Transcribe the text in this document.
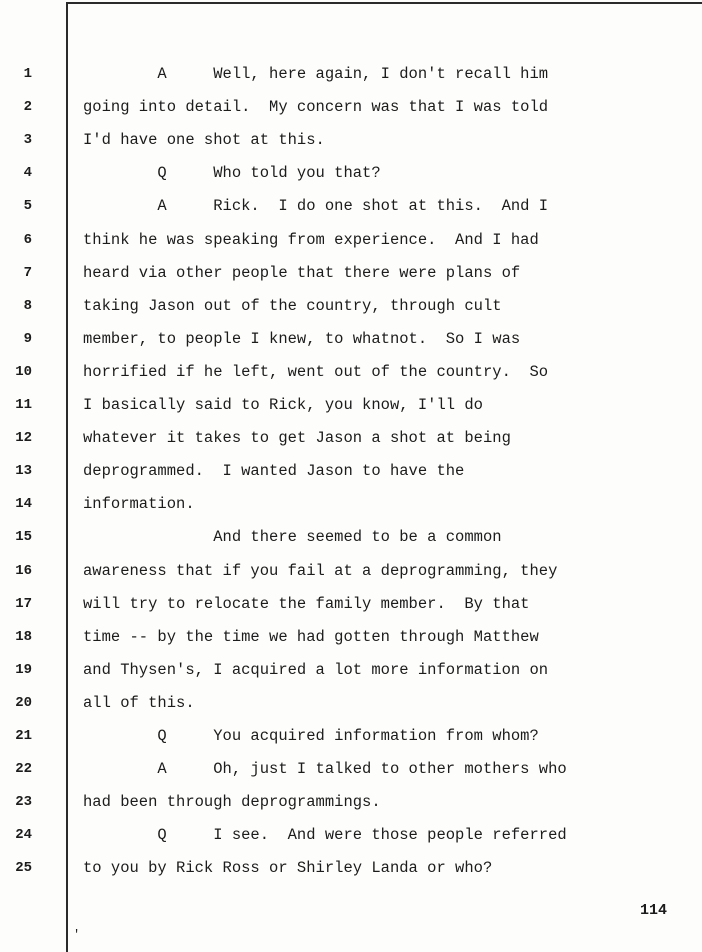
1	A     Well, here again, I don't recall him
2	going into detail.  My concern was that I was told
3	I'd have one shot at this.
4	Q     Who told you that?
5	A     Rick.  I do one shot at this.  And I
6	think he was speaking from experience.  And I had
7	heard via other people that there were plans of
8	taking Jason out of the country, through cult
9	member, to people I knew, to whatnot.  So I was
10	horrified if he left, went out of the country.  So
11	I basically said to Rick, you know, I'll do
12	whatever it takes to get Jason a shot at being
13	deprogrammed.  I wanted Jason to have the
14	information.
15	And there seemed to be a common
16	awareness that if you fail at a deprogramming, they
17	will try to relocate the family member.  By that
18	time -- by the time we had gotten through Matthew
19	and Thysen's, I acquired a lot more information on
20	all of this.
21	Q     You acquired information from whom?
22	A     Oh, just I talked to other mothers who
23	had been through deprogrammings.
24	Q     I see.  And were those people referred
25	to you by Rick Ross or Shirley Landa or who?
114
'
